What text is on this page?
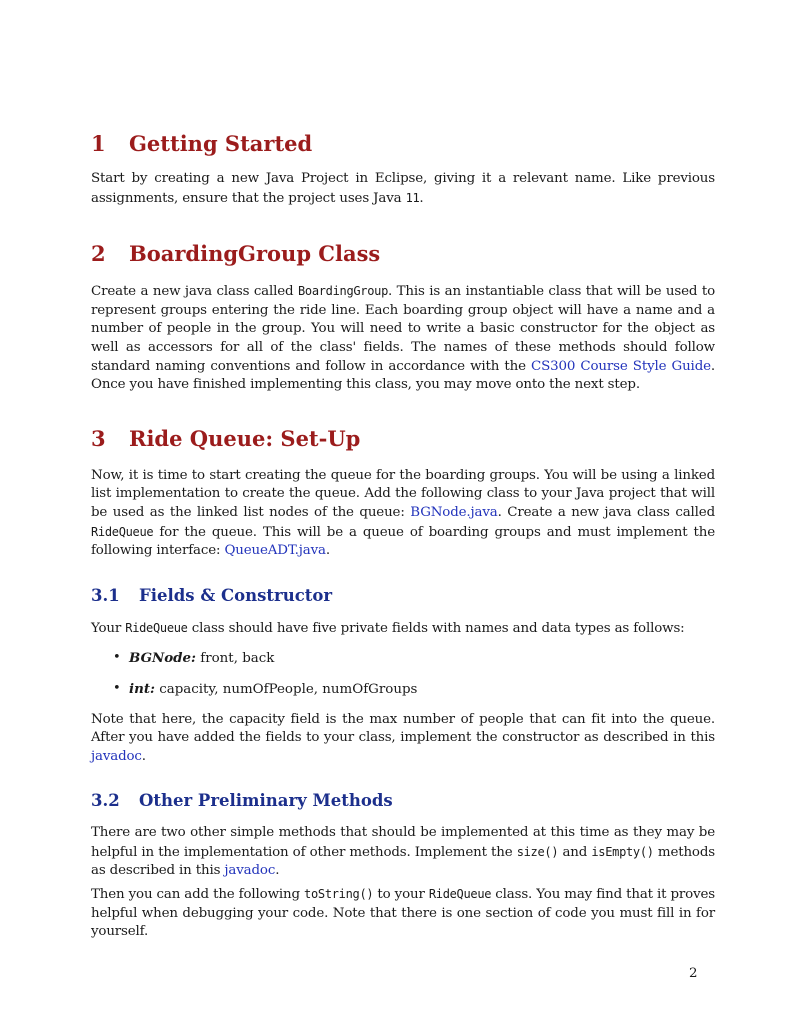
1 Getting Started

Start by creating a new Java Project in Eclipse, giving it a relevant name. Like previous assignments, ensure that the project uses Java 11.

2 BoardingGroup Class

Create a new java class called BoardingGroup. This is an instantiable class that will be used to represent groups entering the ride line. Each boarding group object will have a name and a number of people in the group. You will need to write a basic constructor for the object as well as accessors for all of the class' fields. The names of these methods should follow standard naming conventions and follow in accordance with the CS300 Course Style Guide. Once you have finished implementing this class, you may move onto the next step.

3 Ride Queue: Set-Up

Now, it is time to start creating the queue for the boarding groups. You will be using a linked list implementation to create the queue. Add the following class to your Java project that will be used as the linked list nodes of the queue: BGNode.java. Create a new java class called RideQueue for the queue. This will be a queue of boarding groups and must implement the following interface: QueueADT.java.

3.1 Fields & Constructor

Your RideQueue class should have five private fields with names and data types as follows:

• BGNode: front, back
• int: capacity, numOfPeople, numOfGroups

Note that here, the capacity field is the max number of people that can fit into the queue. After you have added the fields to your class, implement the constructor as described in this javadoc.

3.2 Other Preliminary Methods

There are two other simple methods that should be implemented at this time as they may be helpful in the implementation of other methods. Implement the size() and isEmpty() methods as described in this javadoc.

Then you can add the following toString() to your RideQueue class. You may find that it proves helpful when debugging your code. Note that there is one section of code you must fill in for yourself.

2
